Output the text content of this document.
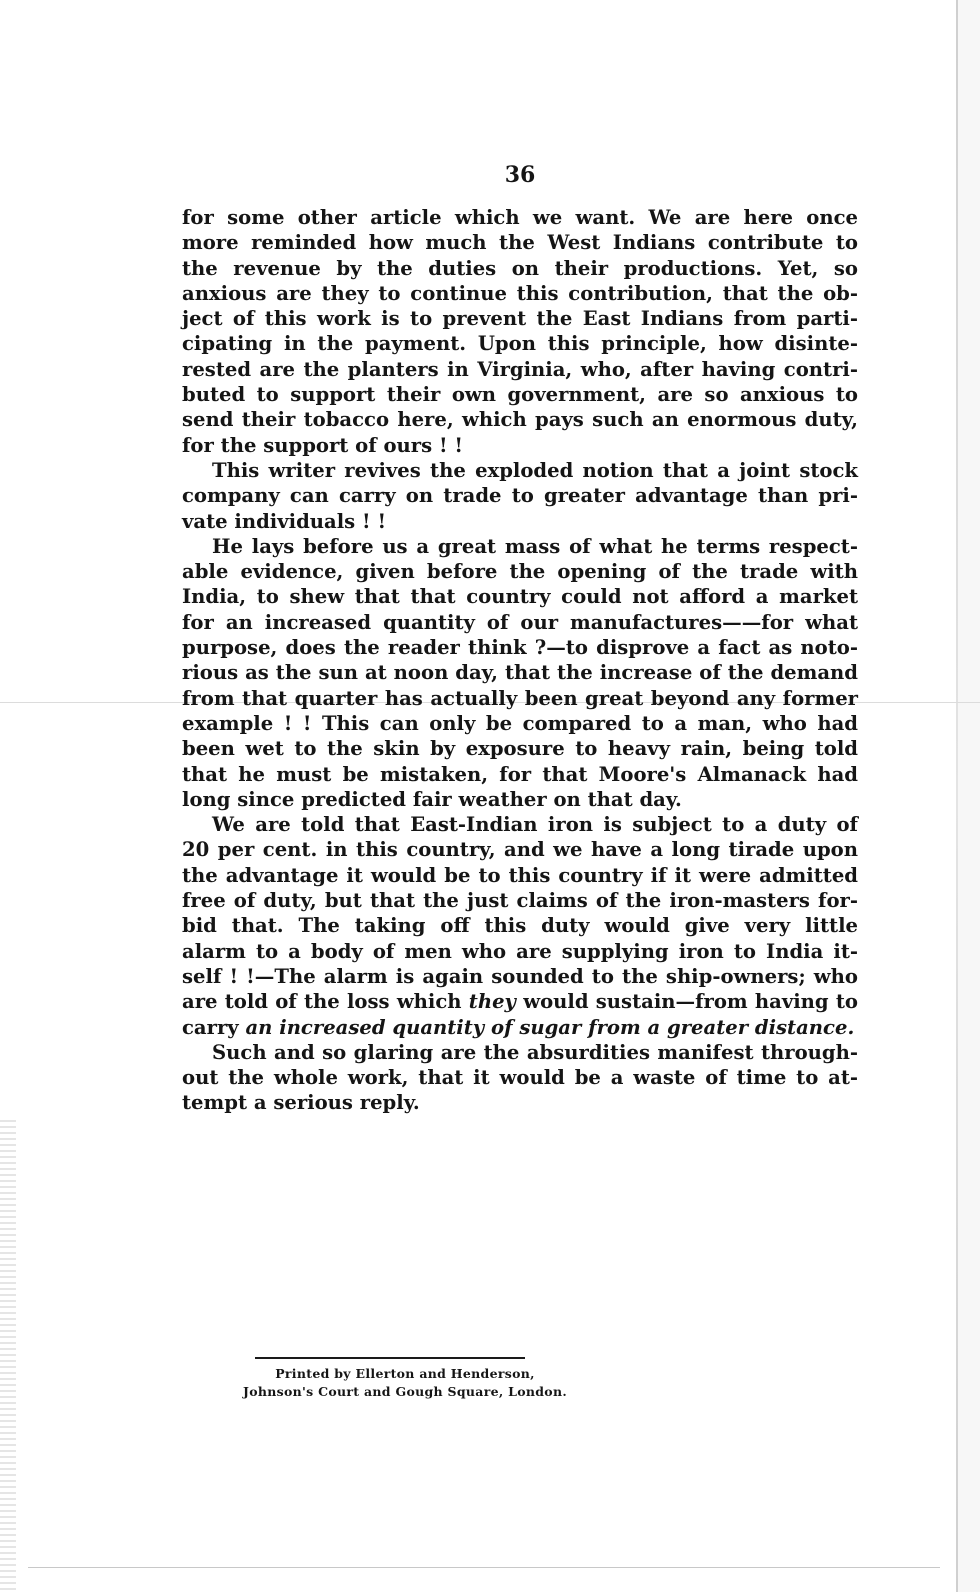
36
for some other article which we want. We are here once
more reminded how much the West Indians contribute to
the revenue by the duties on their productions. Yet, so
anxious are they to continue this contribution, that the ob-
ject of this work is to prevent the East Indians from parti-
cipating in the payment. Upon this principle, how disinte-
rested are the planters in Virginia, who, after having contri-
buted to support their own government, are so anxious to
send their tobacco here, which pays such an enormous duty,
for the support of ours ! !
This writer revives the exploded notion that a joint stock
company can carry on trade to greater advantage than pri-
vate individuals ! !
He lays before us a great mass of what he terms respect-
able evidence, given before the opening of the trade with
India, to shew that that country could not afford a market
for an increased quantity of our manufactures——for what
purpose, does the reader think ?—to disprove a fact as noto-
rious as the sun at noon day, that the increase of the demand
from that quarter has actually been great beyond any former
example ! ! This can only be compared to a man, who had
been wet to the skin by exposure to heavy rain, being told
that he must be mistaken, for that Moore's Almanack had
long since predicted fair weather on that day.
We are told that East-Indian iron is subject to a duty of
20 per cent. in this country, and we have a long tirade upon
the advantage it would be to this country if it were admitted
free of duty, but that the just claims of the iron-masters for-
bid that. The taking off this duty would give very little
alarm to a body of men who are supplying iron to India it-
self ! !—The alarm is again sounded to the ship-owners; who
are told of the loss which they would sustain—from having to
carry an increased quantity of sugar from a greater distance.
Such and so glaring are the absurdities manifest through-
out the whole work, that it would be a waste of time to at-
tempt a serious reply.
Printed by Ellerton and Henderson,
Johnson's Court and Gough Square, London.
